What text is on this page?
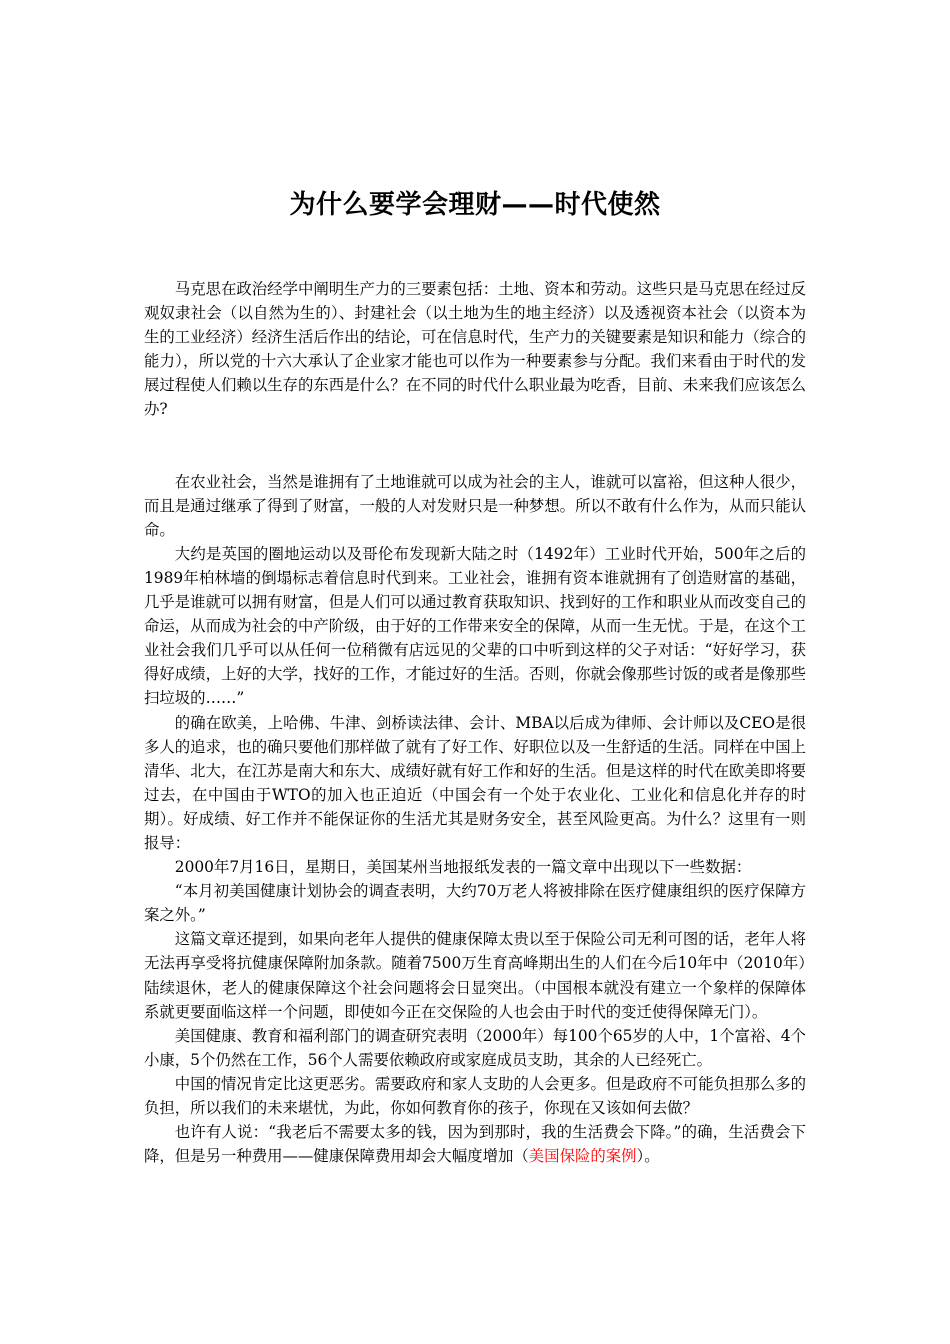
为什么要学会理财——时代使然

马克思在政治经学中阐明生产力的三要素包括：土地、资本和劳动。这些只是马克思在经过反观奴隶社会（以自然为生的）、封建社会（以土地为生的地主经济）以及透视资本社会（以资本为生的工业经济）经济生活后作出的结论，可在信息时代，生产力的关键要素是知识和能力（综合的能力），所以党的十六大承认了企业家才能也可以作为一种要素参与分配。我们来看由于时代的发展过程使人们赖以生存的东西是什么？在不同的时代什么职业最为吃香，目前、未来我们应该怎么办?

在农业社会，当然是谁拥有了土地谁就可以成为社会的主人，谁就可以富裕，但这种人很少，而且是通过继承了得到了财富，一般的人对发财只是一种梦想。所以不敢有什么作为，从而只能认命。

大约是英国的圈地运动以及哥伦布发现新大陆之时（1492年）工业时代开始，500年之后的1989年柏林墙的倒塌标志着信息时代到来。工业社会，谁拥有资本谁就拥有了创造财富的基础，几乎是谁就可以拥有财富，但是人们可以通过教育获取知识、找到好的工作和职业从而改变自己的命运，从而成为社会的中产阶级，由于好的工作带来安全的保障，从而一生无忧。于是，在这个工业社会我们几乎可以从任何一位稍微有店远见的父辈的口中听到这样的父子对话：“好好学习，获得好成绩，上好的大学，找好的工作，才能过好的生活。否则，你就会像那些讨饭的或者是像那些扫垃圾的……”

的确在欧美，上哈佛、牛津、剑桥读法律、会计、MBA以后成为律师、会计师以及CEO是很多人的追求，也的确只要他们那样做了就有了好工作、好职位以及一生舒适的生活。同样在中国上清华、北大，在江苏是南大和东大、成绩好就有好工作和好的生活。但是这样的时代在欧美即将要过去，在中国由于WTO的加入也正迫近（中国会有一个处于农业化、工业化和信息化并存的时期）。好成绩、好工作并不能保证你的生活尤其是财务安全，甚至风险更高。为什么？这里有一则报导：

2000年7月16日，星期日，美国某州当地报纸发表的一篇文章中出现以下一些数据：

“本月初美国健康计划协会的调查表明，大约70万老人将被排除在医疗健康组织的医疗保障方案之外。”

这篇文章还提到，如果向老年人提供的健康保障太贵以至于保险公司无利可图的话，老年人将无法再享受将抗健康保障附加条款。随着7500万生育高峰期出生的人们在今后10年中（2010年）陆续退休，老人的健康保障这个社会问题将会日显突出。（中国根本就没有建立一个象样的保障体系就更要面临这样一个问题，即使如今正在交保险的人也会由于时代的变迁使得保障无门）。

美国健康、教育和福利部门的调查研究表明（2000年）每100个65岁的人中，1个富裕、4个小康，5个仍然在工作，56个人需要依赖政府或家庭成员支助，其余的人已经死亡。

中国的情况肯定比这更恶劣。需要政府和家人支助的人会更多。但是政府不可能负担那么多的负担，所以我们的未来堪忧，为此，你如何教育你的孩子，你现在又该如何去做？

也许有人说：“我老后不需要太多的钱，因为到那时，我的生活费会下降。”的确，生活费会下降，但是另一种费用——健康保障费用却会大幅度增加（美国保险的案例）。
